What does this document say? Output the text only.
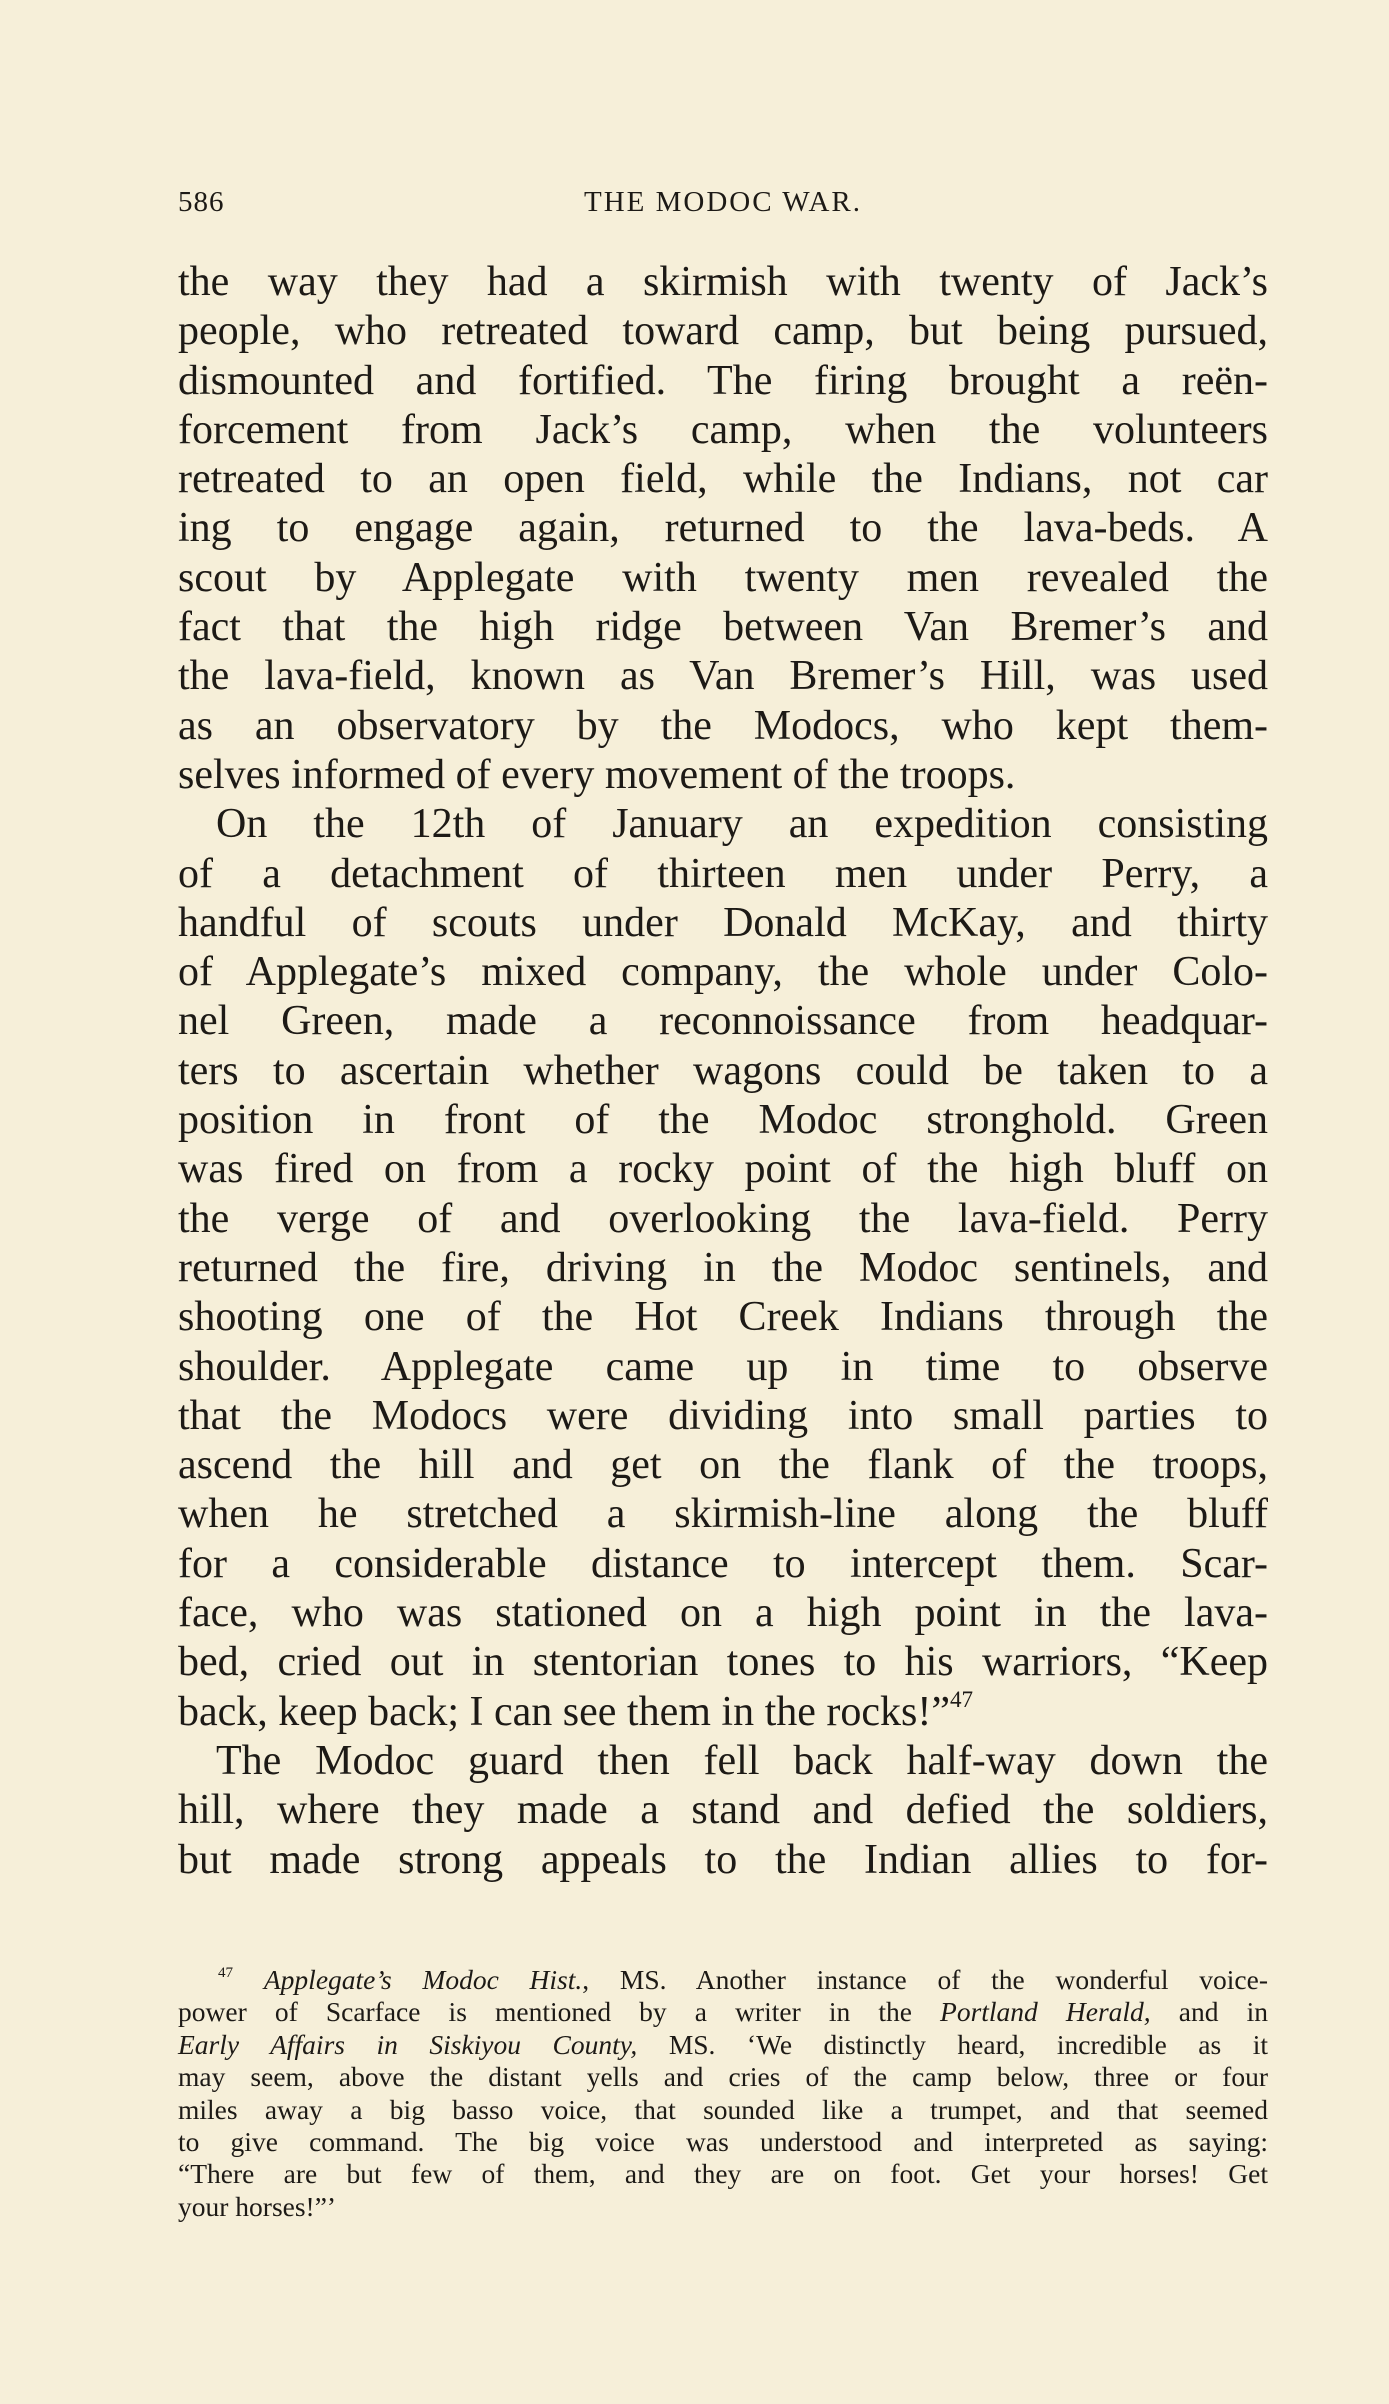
586	THE MODOC WAR.
the way they had a skirmish with twenty of Jack’s
people, who retreated toward camp, but being pursued,
dismounted and fortified. The firing brought a reën-
forcement from Jack’s camp, when the volunteers
retreated to an open field, while the Indians, not car
ing to engage again, returned to the lava-beds. A
scout by Applegate with twenty men revealed the
fact that the high ridge between Van Bremer’s and
the lava-field, known as Van Bremer’s Hill, was used
as an observatory by the Modocs, who kept them-
selves informed of every movement of the troops.
On the 12th of January an expedition consisting
of a detachment of thirteen men under Perry, a
handful of scouts under Donald McKay, and thirty
of Applegate’s mixed company, the whole under Colo-
nel Green, made a reconnoissance from headquar-
ters to ascertain whether wagons could be taken to a
position in front of the Modoc stronghold. Green
was fired on from a rocky point of the high bluff on
the verge of and overlooking the lava-field. Perry
returned the fire, driving in the Modoc sentinels, and
shooting one of the Hot Creek Indians through the
shoulder. Applegate came up in time to observe
that the Modocs were dividing into small parties to
ascend the hill and get on the flank of the troops,
when he stretched a skirmish-line along the bluff
for a considerable distance to intercept them. Scar-
face, who was stationed on a high point in the lava-
bed, cried out in stentorian tones to his warriors, “Keep
back, keep back; I can see them in the rocks!”$^{47}$
The Modoc guard then fell back half-way down the
hill, where they made a stand and defied the soldiers,
but made strong appeals to the Indian allies to for-
$^{47}$ Applegate’s Modoc Hist., MS. Another instance of the wonderful voice-
power of Scarface is mentioned by a writer in the Portland Herald, and in
Early Affairs in Siskiyou County, MS. ‘We distinctly heard, incredible as it
may seem, above the distant yells and cries of the camp below, three or four
miles away a big basso voice, that sounded like a trumpet, and that seemed
to give command. The big voice was understood and interpreted as saying:
“There are but few of them, and they are on foot. Get your horses! Get
your horses!”’
